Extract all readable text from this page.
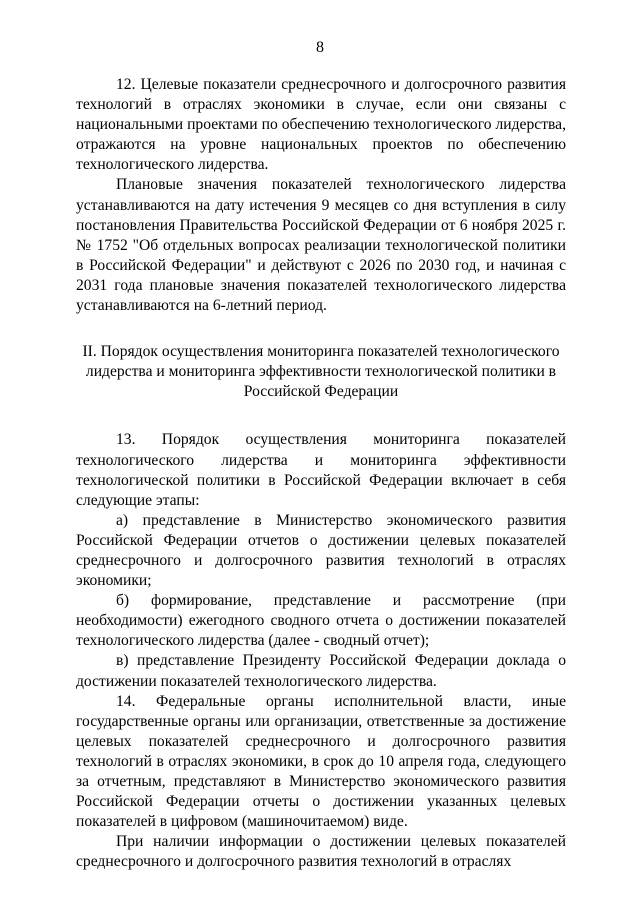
8

12. Целевые показатели среднесрочного и долгосрочного развития технологий в отраслях экономики в случае, если они связаны с национальными проектами по обеспечению технологического лидерства, отражаются на уровне национальных проектов по обеспечению технологического лидерства.

Плановые значения показателей технологического лидерства устанавливаются на дату истечения 9 месяцев со дня вступления в силу постановления Правительства Российской Федерации от 6 ноября 2025 г. № 1752 "Об отдельных вопросах реализации технологической политики в Российской Федерации" и действуют с 2026 по 2030 год, и начиная с 2031 года плановые значения показателей технологического лидерства устанавливаются на 6-летний период.

II. Порядок осуществления мониторинга показателей технологического лидерства и мониторинга эффективности технологической политики в Российской Федерации

13. Порядок осуществления мониторинга показателей технологического лидерства и мониторинга эффективности технологической политики в Российской Федерации включает в себя следующие этапы:

а) представление в Министерство экономического развития Российской Федерации отчетов о достижении целевых показателей среднесрочного и долгосрочного развития технологий в отраслях экономики;

б) формирование, представление и рассмотрение (при необходимости) ежегодного сводного отчета о достижении показателей технологического лидерства (далее - сводный отчет);

в) представление Президенту Российской Федерации доклада о достижении показателей технологического лидерства.

14. Федеральные органы исполнительной власти, иные государственные органы или организации, ответственные за достижение целевых показателей среднесрочного и долгосрочного развития технологий в отраслях экономики, в срок до 10 апреля года, следующего за отчетным, представляют в Министерство экономического развития Российской Федерации отчеты о достижении указанных целевых показателей в цифровом (машиночитаемом) виде.

При наличии информации о достижении целевых показателей среднесрочного и долгосрочного развития технологий в отраслях
